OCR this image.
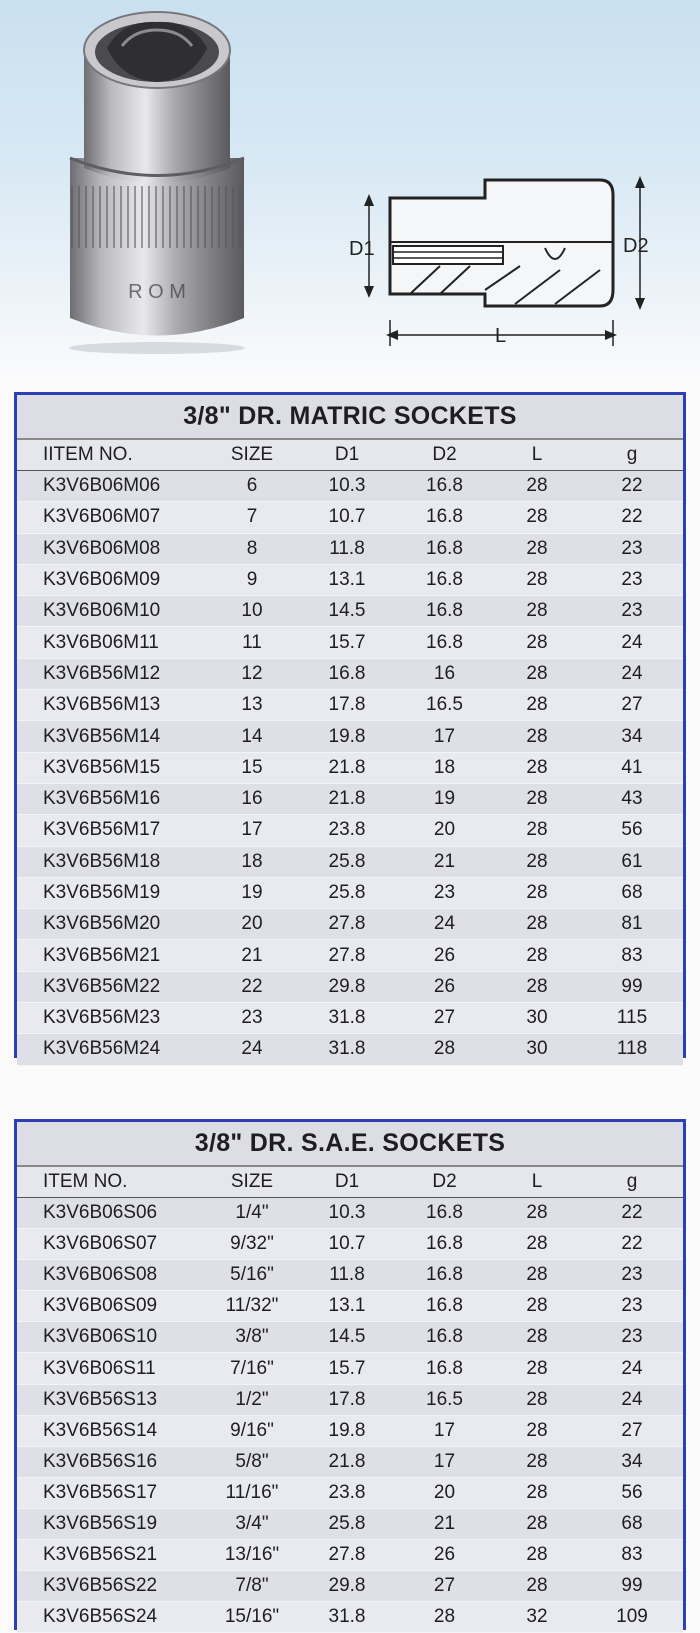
R O M
D1	D2
L
3/8" DR. MATRIC SOCKETS
IITEM NO.	SIZE	D1	D2	L	g
K3V6B06M06	6	10.3	16.8	28	22
K3V6B06M07	7	10.7	16.8	28	22
K3V6B06M08	8	11.8	16.8	28	23
K3V6B06M09	9	13.1	16.8	28	23
K3V6B06M10	10	14.5	16.8	28	23
K3V6B06M11	11	15.7	16.8	28	24
K3V6B56M12	12	16.8	16	28	24
K3V6B56M13	13	17.8	16.5	28	27
K3V6B56M14	14	19.8	17	28	34
K3V6B56M15	15	21.8	18	28	41
K3V6B56M16	16	21.8	19	28	43
K3V6B56M17	17	23.8	20	28	56
K3V6B56M18	18	25.8	21	28	61
K3V6B56M19	19	25.8	23	28	68
K3V6B56M20	20	27.8	24	28	81
K3V6B56M21	21	27.8	26	28	83
K3V6B56M22	22	29.8	26	28	99
K3V6B56M23	23	31.8	27	30	115
K3V6B56M24	24	31.8	28	30	118
3/8" DR. S.A.E. SOCKETS
ITEM NO.	SIZE	D1	D2	L	g
K3V6B06S06	1/4"	10.3	16.8	28	22
K3V6B06S07	9/32"	10.7	16.8	28	22
K3V6B06S08	5/16"	11.8	16.8	28	23
K3V6B06S09	11/32"	13.1	16.8	28	23
K3V6B06S10	3/8"	14.5	16.8	28	23
K3V6B06S11	7/16"	15.7	16.8	28	24
K3V6B56S13	1/2"	17.8	16.5	28	24
K3V6B56S14	9/16"	19.8	17	28	27
K3V6B56S16	5/8"	21.8	17	28	34
K3V6B56S17	11/16"	23.8	20	28	56
K3V6B56S19	3/4"	25.8	21	28	68
K3V6B56S21	13/16"	27.8	26	28	83
K3V6B56S22	7/8"	29.8	27	28	99
K3V6B56S24	15/16"	31.8	28	32	109
